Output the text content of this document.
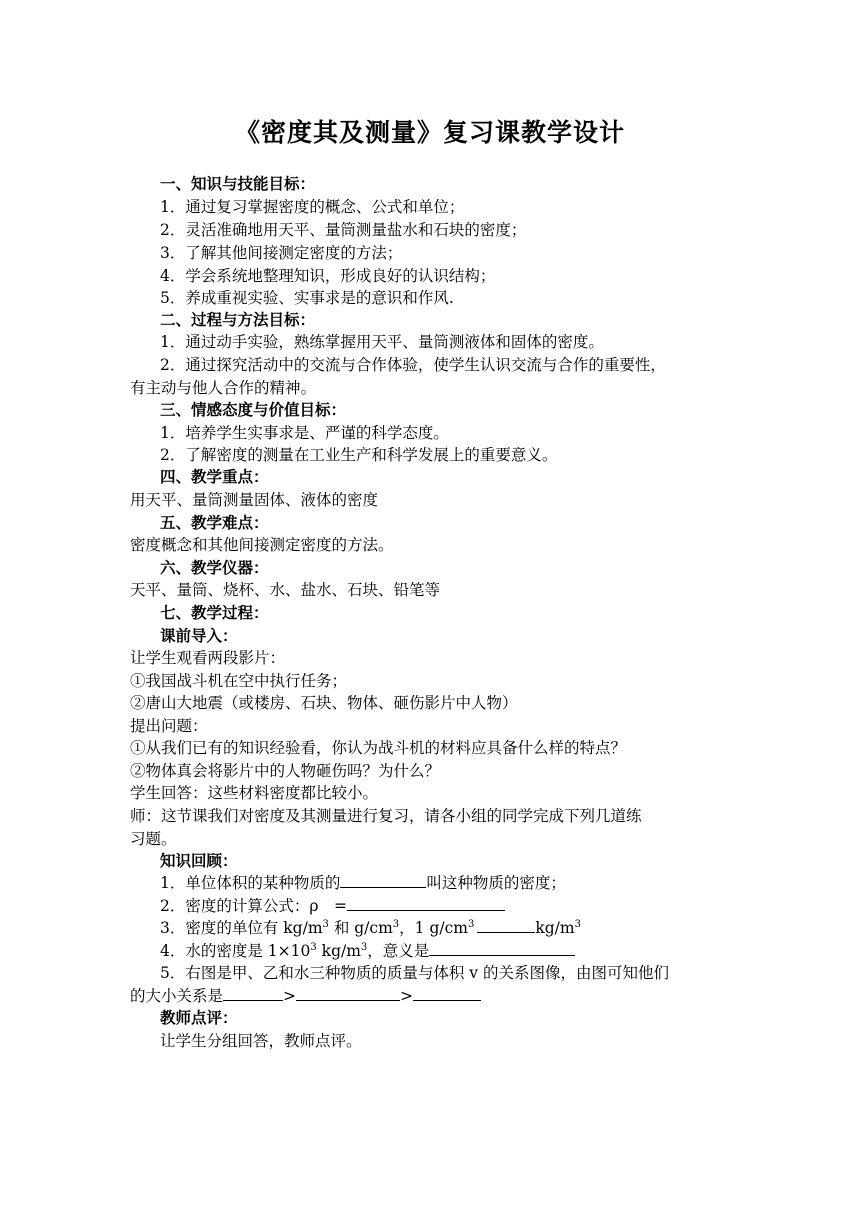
《密度其及测量》复习课教学设计
一、知识与技能目标：
1．通过复习掌握密度的概念、公式和单位；
2．灵活准确地用天平、量筒测量盐水和石块的密度；
3．了解其他间接测定密度的方法；
4．学会系统地整理知识，形成良好的认识结构；
5．养成重视实验、实事求是的意识和作风.
二、过程与方法目标：
1．通过动手实验，熟练掌握用天平、量筒测液体和固体的密度。
2．通过探究活动中的交流与合作体验，使学生认识交流与合作的重要性，
有主动与他人合作的精神。
三、情感态度与价值目标：
1．培养学生实事求是、严谨的科学态度。
2．了解密度的测量在工业生产和科学发展上的重要意义。
四、教学重点：
用天平、量筒测量固体、液体的密度
五、教学难点：
密度概念和其他间接测定密度的方法。
六、教学仪器：
天平、量筒、烧杯、水、盐水、石块、铅笔等
七、教学过程：
课前导入：
让学生观看两段影片：
①我国战斗机在空中执行任务；
②唐山大地震（或楼房、石块、物体、砸伤影片中人物）
提出问题：
①从我们已有的知识经验看，你认为战斗机的材料应具备什么样的特点？
②物体真会将影片中的人物砸伤吗？为什么？
学生回答：这些材料密度都比较小。
师：这节课我们对密度及其测量进行复习，请各小组的同学完成下列几道练
习题。
知识回顾：
1．单位体积的某种物质的	叫这种物质的密度；
2．密度的计算公式：ρ　=
3．密度的单位有 $kg/m^3$ 和 $g/cm^3$，1 $g/cm^3$	$kg/m^3$
4．水的密度是 $1\times 10^3$ $kg/m^3$，意义是
5．右图是甲、乙和水三种物质的质量与体积 v 的关系图像，由图可知他们
的大小关系是	>	>
教师点评：
让学生分组回答，教师点评。
